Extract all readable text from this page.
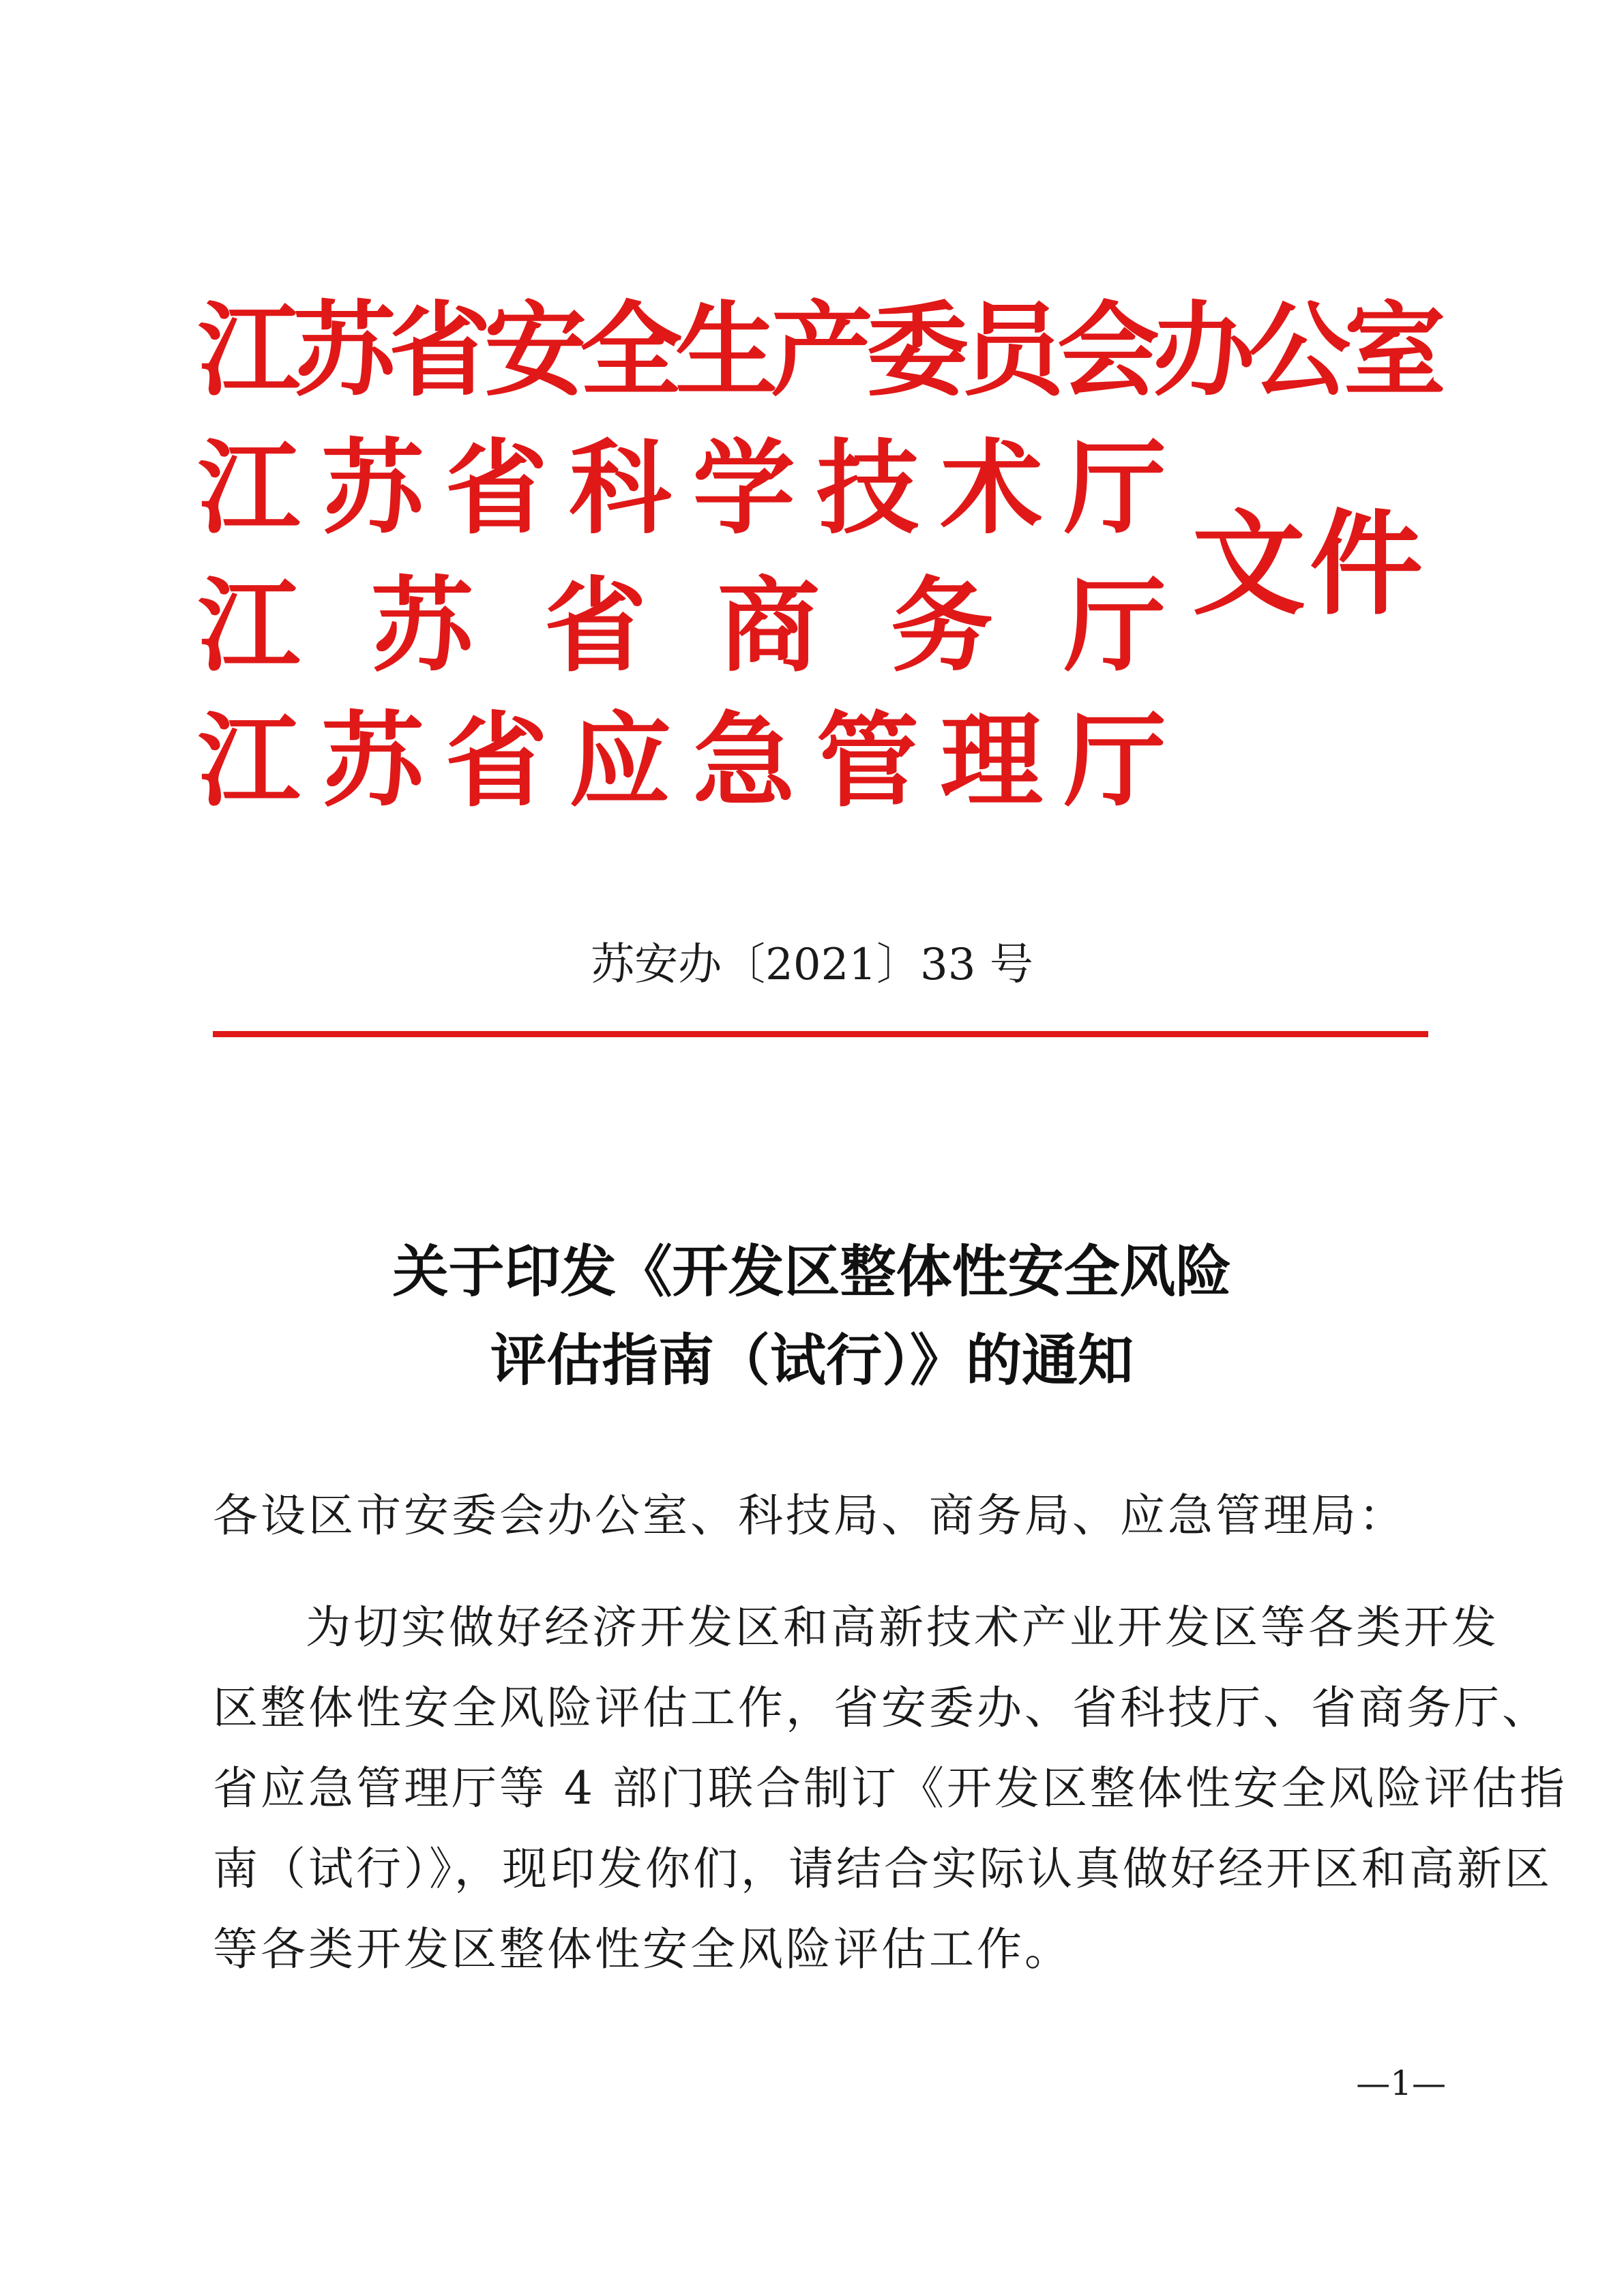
江苏省安全生产委员会办公室
江 苏 省 科 学 技 术 厅
江 苏 省 商 务 厅
江 苏 省 应 急 管 理 厅
文件
苏安办〔2021〕33 号
关于印发《开发区整体性安全风险
评估指南（试行）》的通知
各设区市安委会办公室、科技局、商务局、应急管理局：
为切实做好经济开发区和高新技术产业开发区等各类开发
区整体性安全风险评估工作，省安委办、省科技厅、省商务厅、
省应急管理厅等 4 部门联合制订《开发区整体性安全风险评估指
南（试行）》，现印发你们，请结合实际认真做好经开区和高新区
等各类开发区整体性安全风险评估工作。
—1—
